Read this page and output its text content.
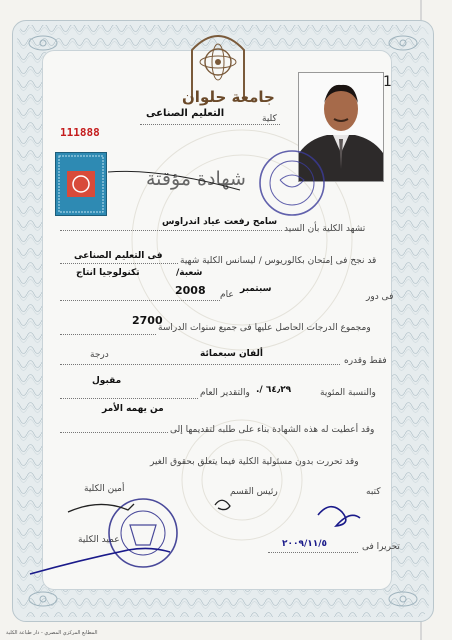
جامعة حلوان
التعليم الصناعى	كلية
111888
شهادة مؤقتة
1
تشهد الكلية بأن السيد
سامح رفعت عياد اندراوس
قد نجح فى إمتحان بكالوريوس / ليسانس الكلية شهية
فى التعليم الصناعى
تكنولوجيا انتاج	شعبة/
فى دور
سبتمبر
عام
2008
ومجموع الدرجات الحاصل عليها فى جميع سنوات الدراسة
2700
فقط وقدره
ألفان سبعمائة
درجة
والنسبة المئوية
٦٤٫٢٩ /.
والتقدير العام
مقبول
من يهمه الأمر
وقد أعطيت له هذه الشهادة بناء على طلبه لتقديمها إلى
وقد تحررت بدون مسئولية الكلية فيما يتعلق بحقوق الغير
كتبه
رئيس القسم
أمين الكلية
عميد الكلية
تحريرا فى
٢٠٠٩/١١/٥
المطابع المركزي المصري - دار طباعة الكلية
